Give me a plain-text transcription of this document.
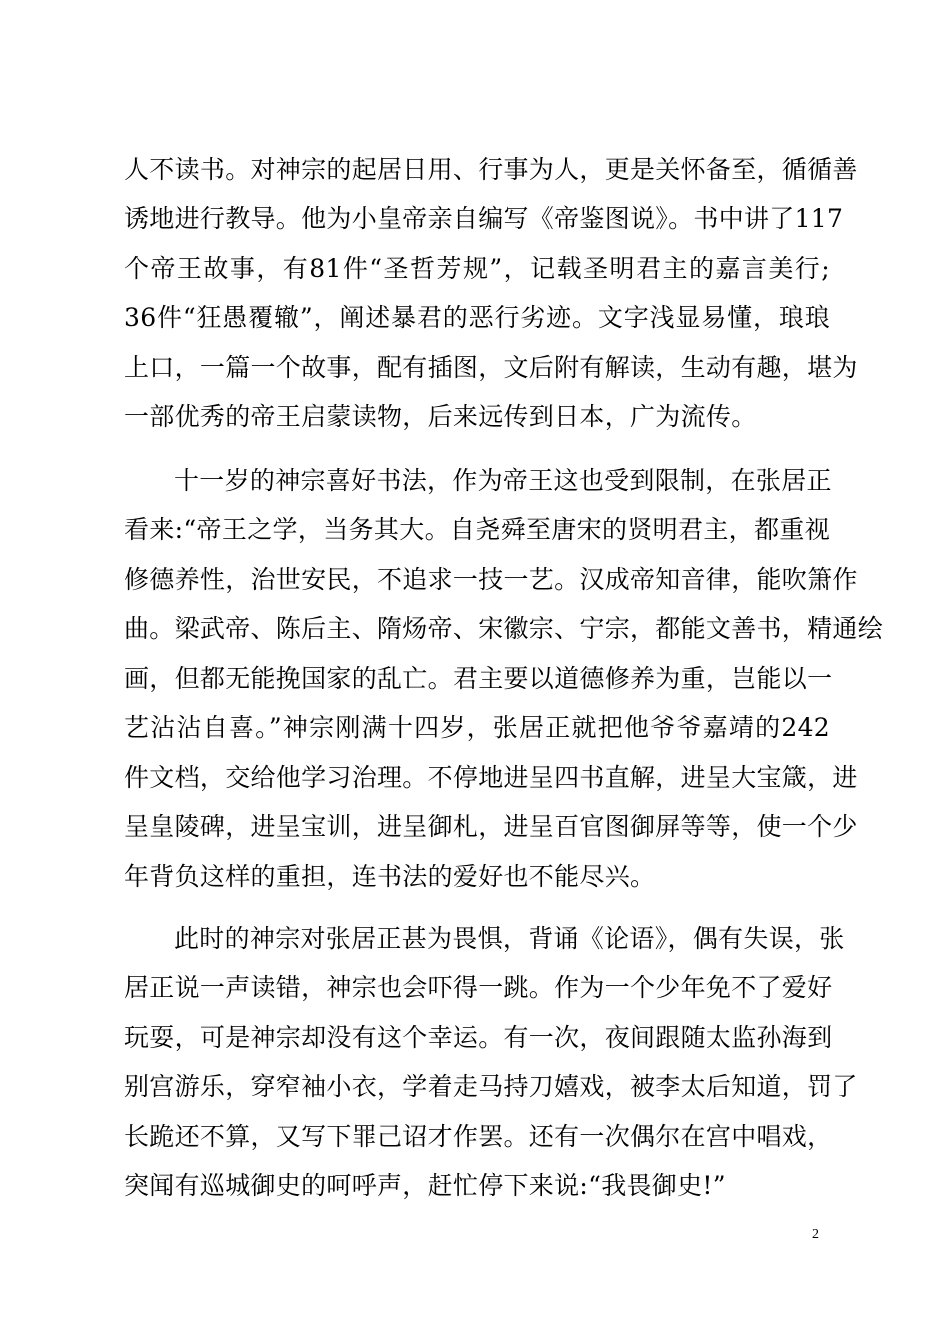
人不读书。对神宗的起居日用、行事为人，更是关怀备至，循循善
诱地进行教导。他为小皇帝亲自编写《帝鉴图说》。书中讲了117
个帝王故事，有81件“圣哲芳规”，记载圣明君主的嘉言美行;
36件“狂愚覆辙”，阐述暴君的恶行劣迹。文字浅显易懂，琅琅
上口，一篇一个故事，配有插图，文后附有解读，生动有趣，堪为
一部优秀的帝王启蒙读物，后来远传到日本，广为流传。
十一岁的神宗喜好书法，作为帝王这也受到限制，在张居正
看来:“帝王之学，当务其大。自尧舜至唐宋的贤明君主，都重视
修德养性，治世安民，不追求一技一艺。汉成帝知音律，能吹箫作
曲。梁武帝、陈后主、隋炀帝、宋徽宗、宁宗，都能文善书，精通绘
画，但都无能挽国家的乱亡。君主要以道德修养为重，岂能以一
艺沾沾自喜。”神宗刚满十四岁，张居正就把他爷爷嘉靖的242
件文档，交给他学习治理。不停地进呈四书直解，进呈大宝箴，进
呈皇陵碑，进呈宝训，进呈御札，进呈百官图御屏等等，使一个少
年背负这样的重担，连书法的爱好也不能尽兴。
此时的神宗对张居正甚为畏惧，背诵《论语》，偶有失误，张
居正说一声读错，神宗也会吓得一跳。作为一个少年免不了爱好
玩耍，可是神宗却没有这个幸运。有一次，夜间跟随太监孙海到
别宫游乐，穿窄袖小衣，学着走马持刀嬉戏，被李太后知道，罚了
长跪还不算，又写下罪己诏才作罢。还有一次偶尔在宫中唱戏，
突闻有巡城御史的呵呼声，赶忙停下来说:“我畏御史!”
2
